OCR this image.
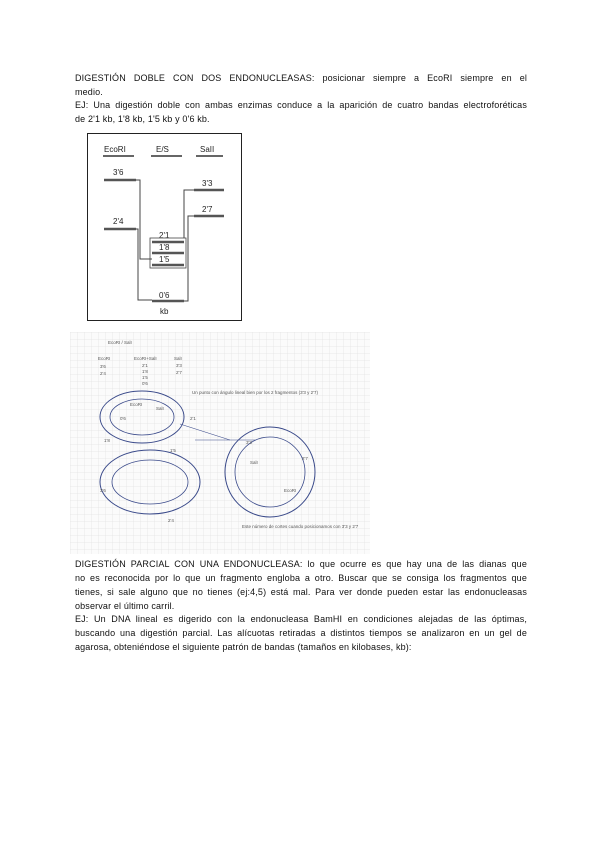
DIGESTIÓN DOBLE CON DOS ENDONUCLEASAS: posicionar siempre a EcoRI siempre en el
medio.
EJ: Una digestión doble con ambas enzimas conduce a la aparición de cuatro bandas electroforéticas
de 2'1 kb, 1'8 kb, 1'5 kb y 0'6 kb.
EcoRI	E/S	SaII
3'6
2'4
2'1
1'8
1'5
0'6
3'3
2'7
kb
EcoRI / SalI
EcoRI
3'6
2'4
EcoRI+SalI
2'1
1'8
1'5
0'6
SalI
3'3
2'7
Un punto con ángulo lineal bien por los 2 fragmentos (3'3 y 2'7)
EcoRI
SalI
0'6	2'1
1'8
1'5
3'3
2'7
3'6
2'4
SalI
EcoRI
Este número de cortes cuando posicionamos con 3'3 y 2'7
DIGESTIÓN PARCIAL CON UNA ENDONUCLEASA: lo que ocurre es que hay una de las dianas que
no es reconocida por lo que un fragmento engloba a otro. Buscar que se consiga los fragmentos que
tienes, si sale alguno que no tienes (ej:4,5) está mal. Para ver donde pueden estar las endonucleasas
observar el último carril.
EJ: Un DNA lineal es digerido con la endonucleasa BamHI en condiciones alejadas de las óptimas,
buscando una digestión parcial. Las alícuotas retiradas a distintos tiempos se analizaron en un gel de
agarosa, obteniéndose el siguiente patrón de bandas (tamaños en kilobases, kb):
